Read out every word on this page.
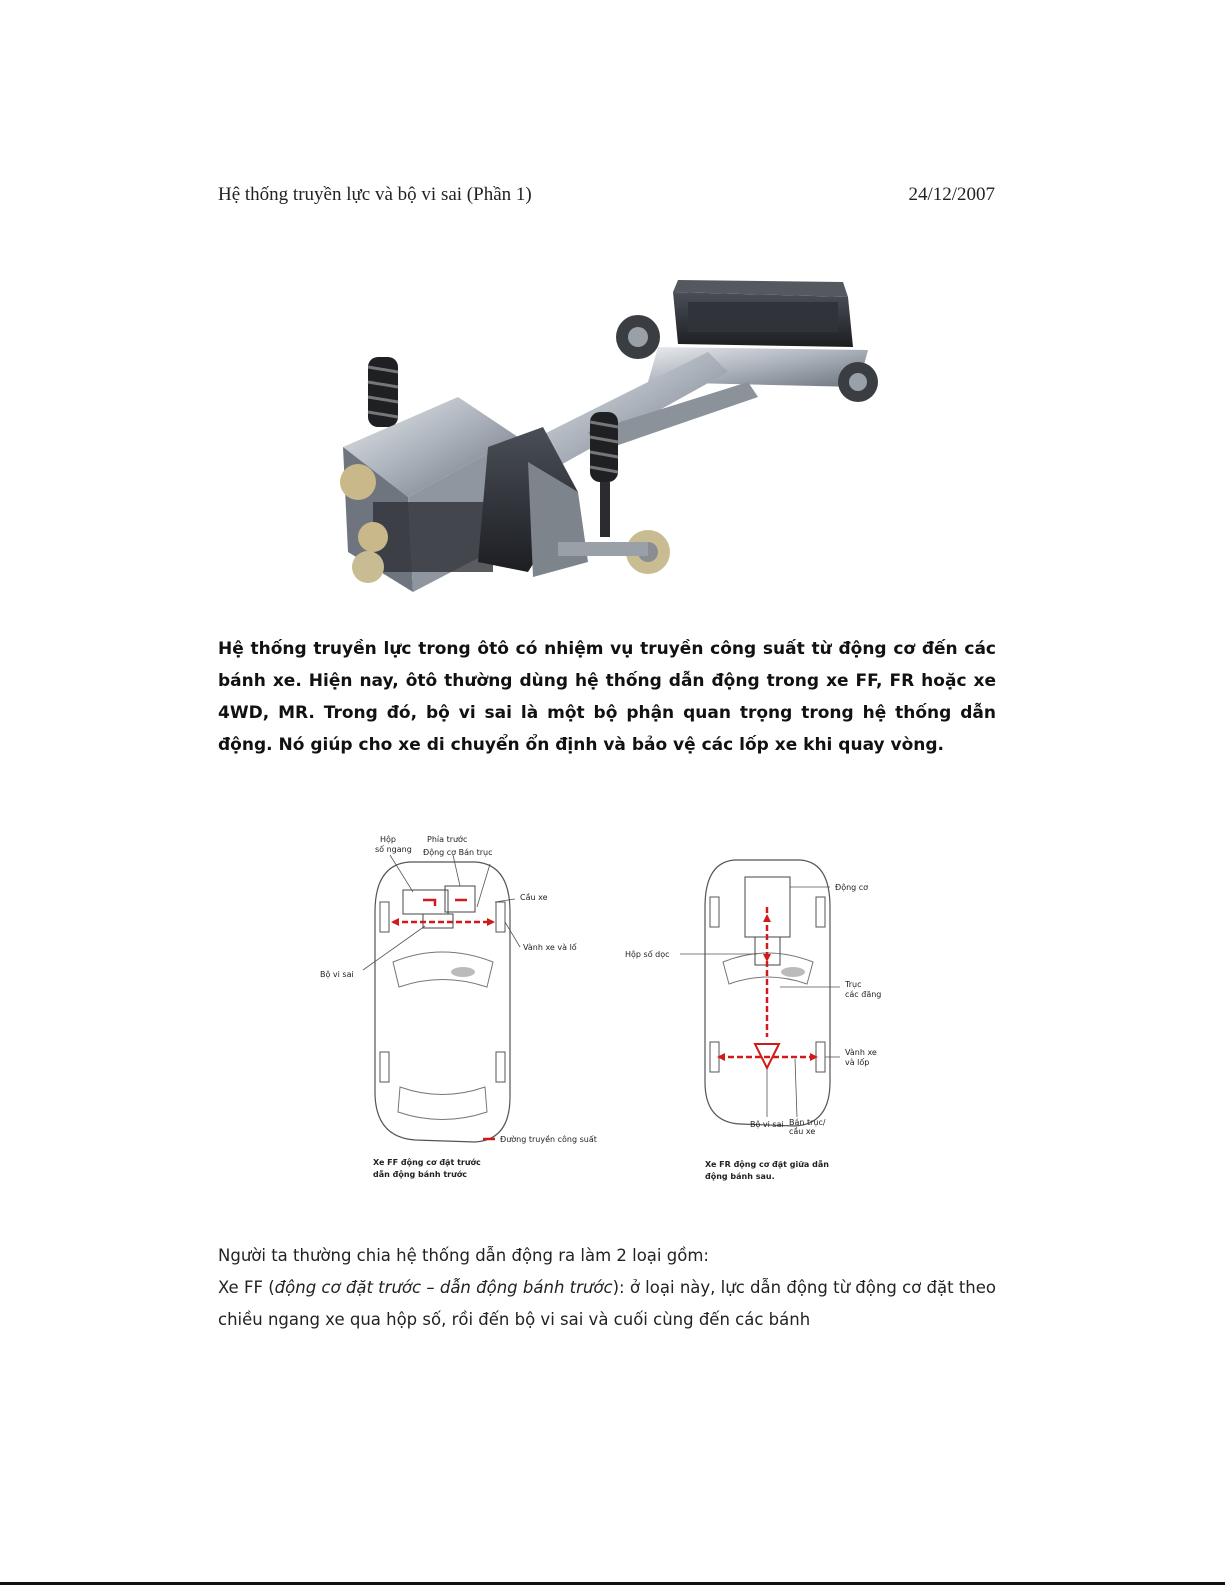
Hệ thống truyền lực và bộ vi sai (Phần 1)	24/12/2007

Hệ thống truyền lực trong ôtô có nhiệm vụ truyền công suất từ động cơ đến các bánh xe. Hiện nay, ôtô thường dùng hệ thống dẫn động trong xe FF, FR hoặc xe 4WD, MR. Trong đó, bộ vi sai là một bộ phận quan trọng trong hệ thống dẫn động. Nó giúp cho xe di chuyển ổn định và bảo vệ các lốp xe khi quay vòng.

Hộp
số ngang
Phía trước
Động cơ Bán trục
Cầu xe
Vành xe và lố
Bộ vi sai
Đường truyền công suất
Xe FF động cơ đặt trước
dẫn động bánh trước
Động cơ
Hộp số dọc
Trục
các đăng
Vành xe
và lốp
Bộ vi sai Bán trục/
cầu xe
Xe FR động cơ đặt giữa dẫn
động bánh sau.

Người ta thường chia hệ thống dẫn động ra làm 2 loại gồm:

Xe FF (động cơ đặt trước – dẫn động bánh trước): ở loại này, lực dẫn động từ động cơ đặt theo chiều ngang xe qua hộp số, rồi đến bộ vi sai và cuối cùng đến các bánh
